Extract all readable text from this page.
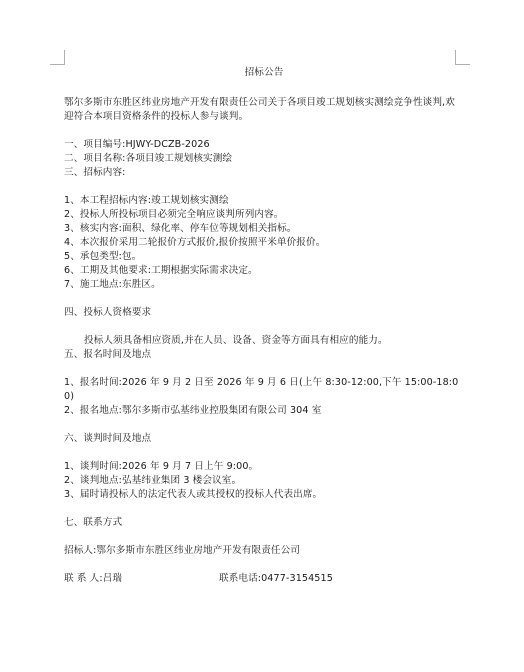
招标公告
鄂尔多斯市东胜区纬业房地产开发有限责任公司关于各项目竣工规划核实测绘竞争性谈判,欢迎符合本项目资格条件的投标人参与谈判。
一、项目编号:HJWY-DCZB-2026
二、项目名称:各项目竣工规划核实测绘
三、招标内容:
1、本工程招标内容:竣工规划核实测绘
2、投标人所投标项目必须完全响应谈判所列内容。
3、核实内容:面积、绿化率、停车位等规划相关指标。
4、本次报价采用二轮报价方式报价,报价按照平米单价报价。
5、承包类型:包。
6、工期及其他要求:工期根据实际需求决定。
7、施工地点:东胜区。
四、投标人资格要求
投标人须具备相应资质,并在人员、设备、资金等方面具有相应的能力。
五、报名时间及地点
1、报名时间:2026 年 9 月 2 日至 2026 年 9 月 6 日(上午 8:30-12:00,下午 15:00-18:00)
2、报名地点:鄂尔多斯市弘基纬业控股集团有限公司 304 室
六、谈判时间及地点
1、谈判时间:2026 年 9 月 7 日上午 9:00。
2、谈判地点:弘基纬业集团 3 楼会议室。
3、届时请投标人的法定代表人或其授权的投标人代表出席。
七、联系方式
招标人:鄂尔多斯市东胜区纬业房地产开发有限责任公司
联 系 人:吕瑞	联系电话:0477-3154515
